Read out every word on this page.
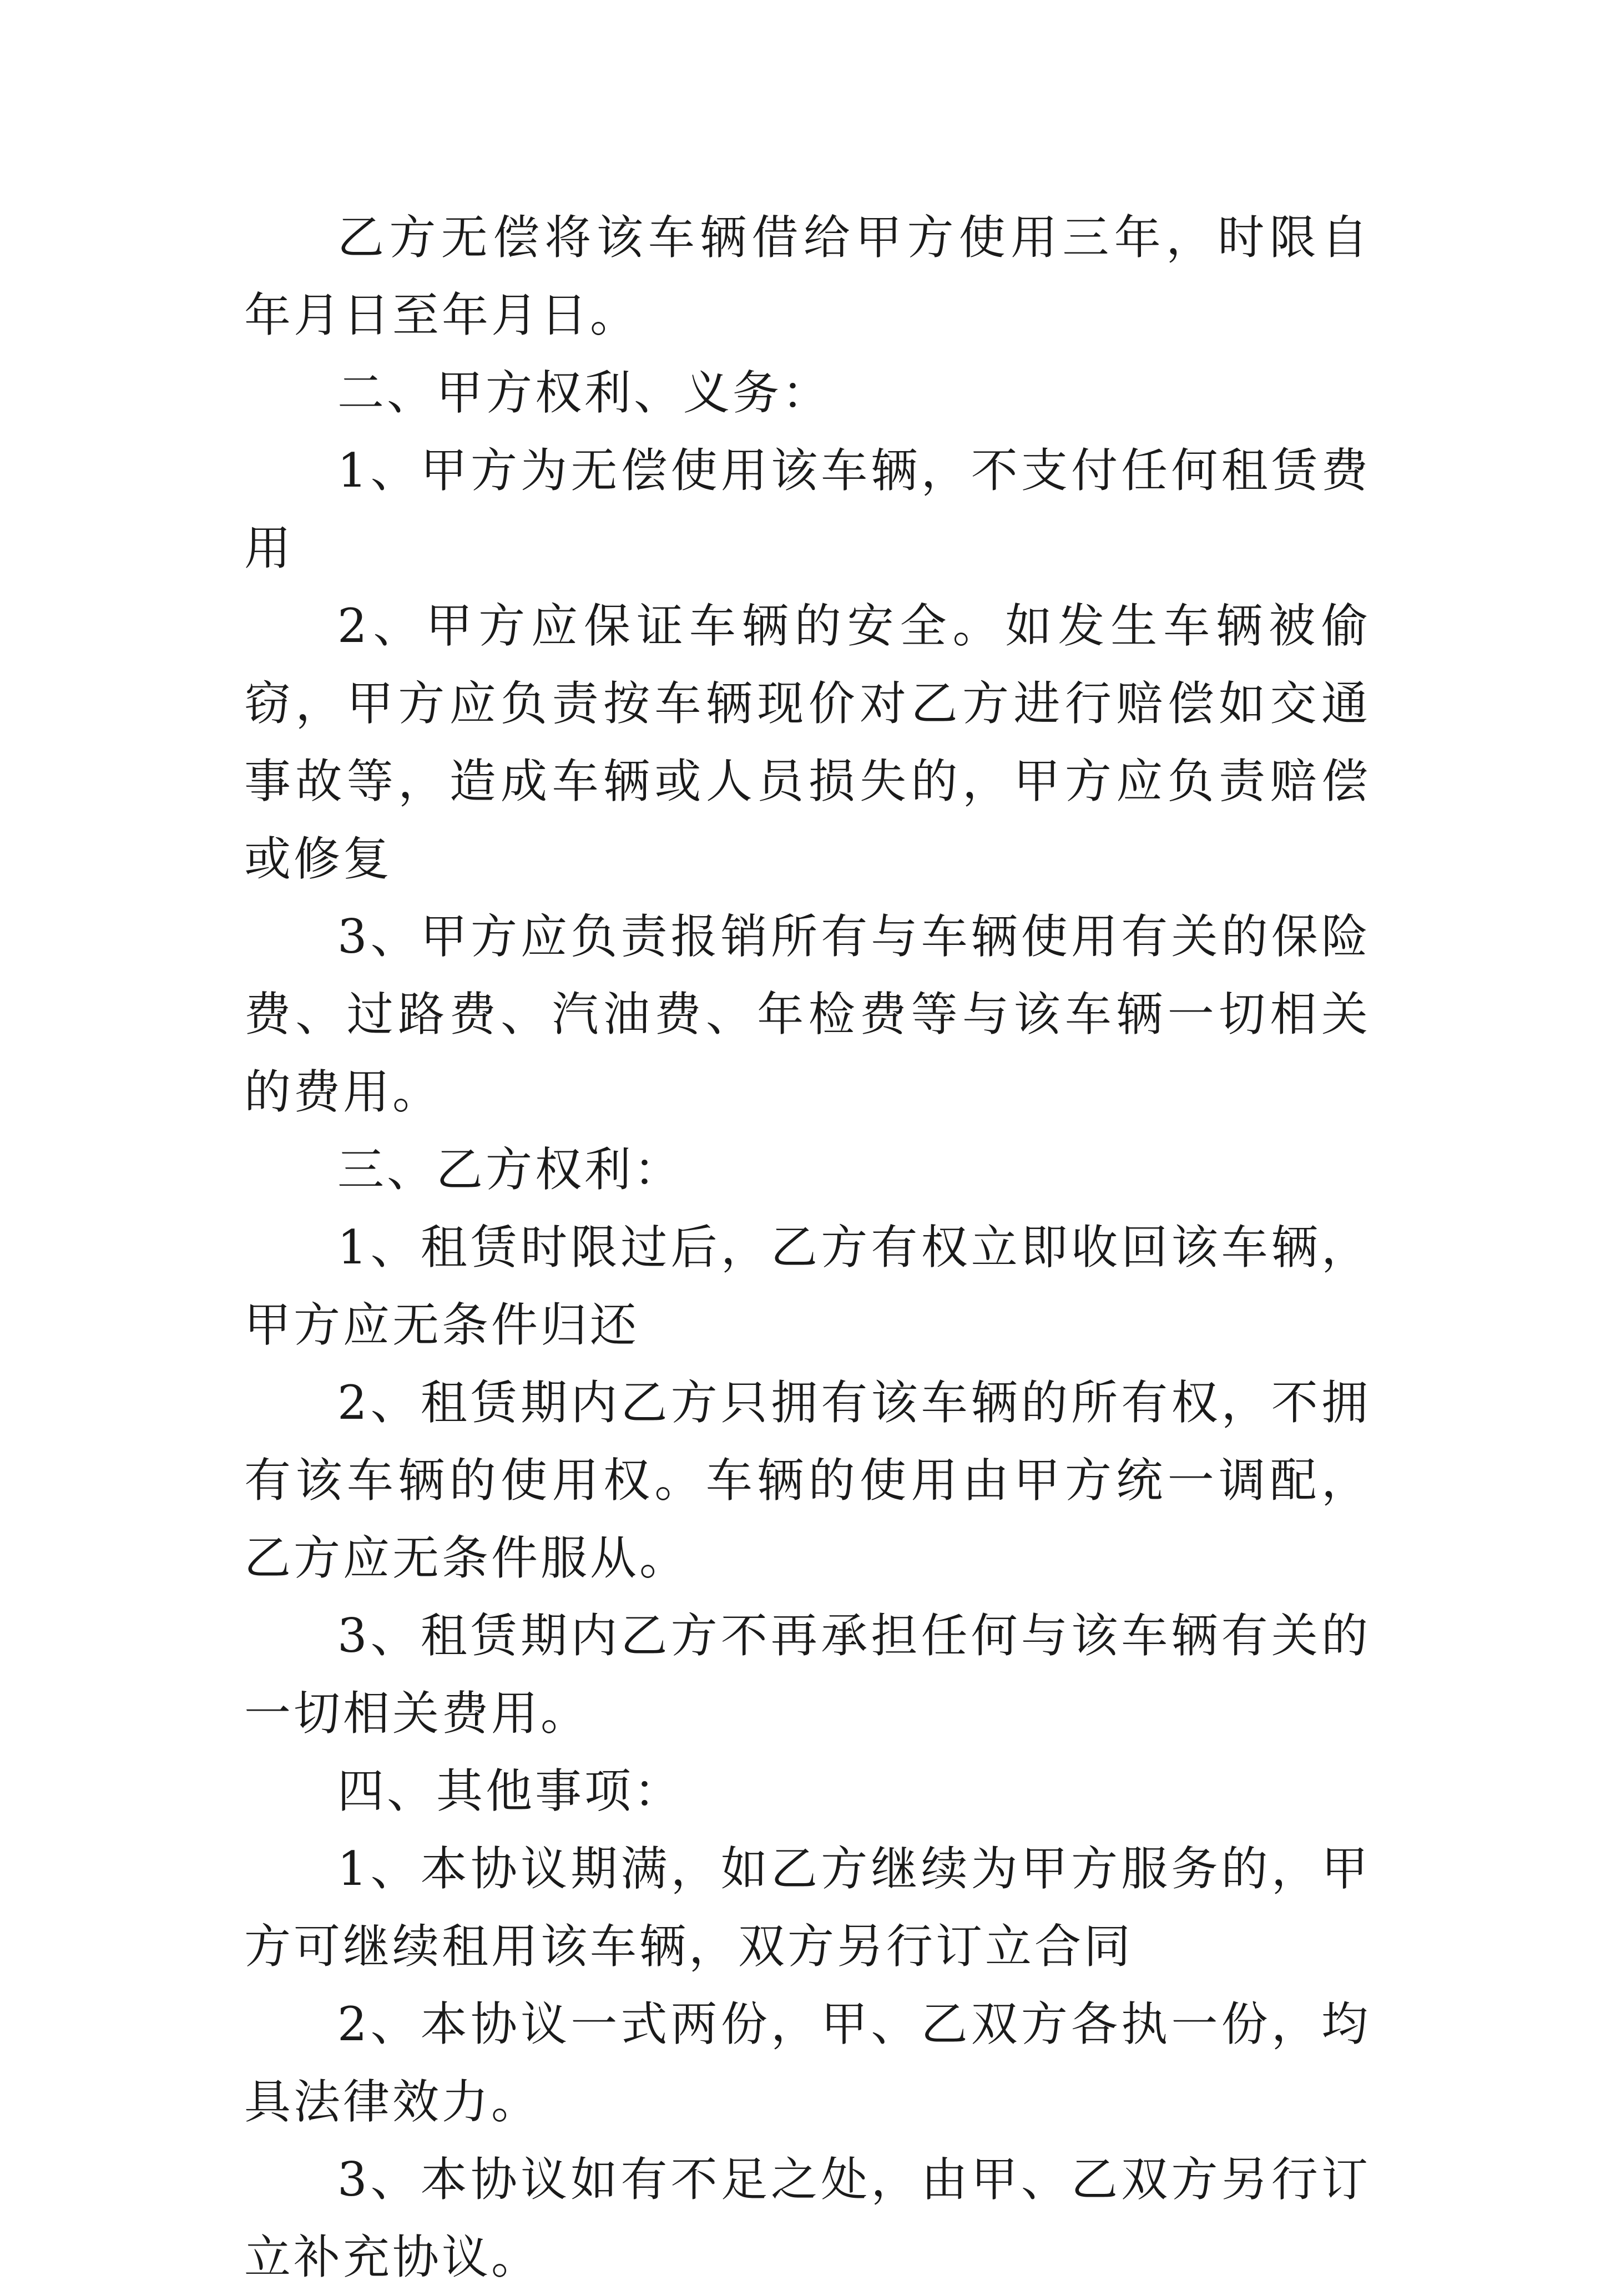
乙方无偿将该车辆借给甲方使用三年，时限自年月日至年月日。

二、甲方权利、义务：

1、甲方为无偿使用该车辆，不支付任何租赁费用

2、甲方应保证车辆的安全。如发生车辆被偷窃，甲方应负责按车辆现价对乙方进行赔偿如交通事故等，造成车辆或人员损失的，甲方应负责赔偿或修复

3、甲方应负责报销所有与车辆使用有关的保险费、过路费、汽油费、年检费等与该车辆一切相关的费用。

三、乙方权利：

1、租赁时限过后，乙方有权立即收回该车辆，甲方应无条件归还

2、租赁期内乙方只拥有该车辆的所有权，不拥有该车辆的使用权。车辆的使用由甲方统一调配，乙方应无条件服从。

3、租赁期内乙方不再承担任何与该车辆有关的一切相关费用。

四、其他事项：

1、本协议期满，如乙方继续为甲方服务的，甲方可继续租用该车辆，双方另行订立合同

2、本协议一式两份，甲、乙双方各执一份，均具法律效力。

3、本协议如有不足之处，由甲、乙双方另行订立补充协议。
